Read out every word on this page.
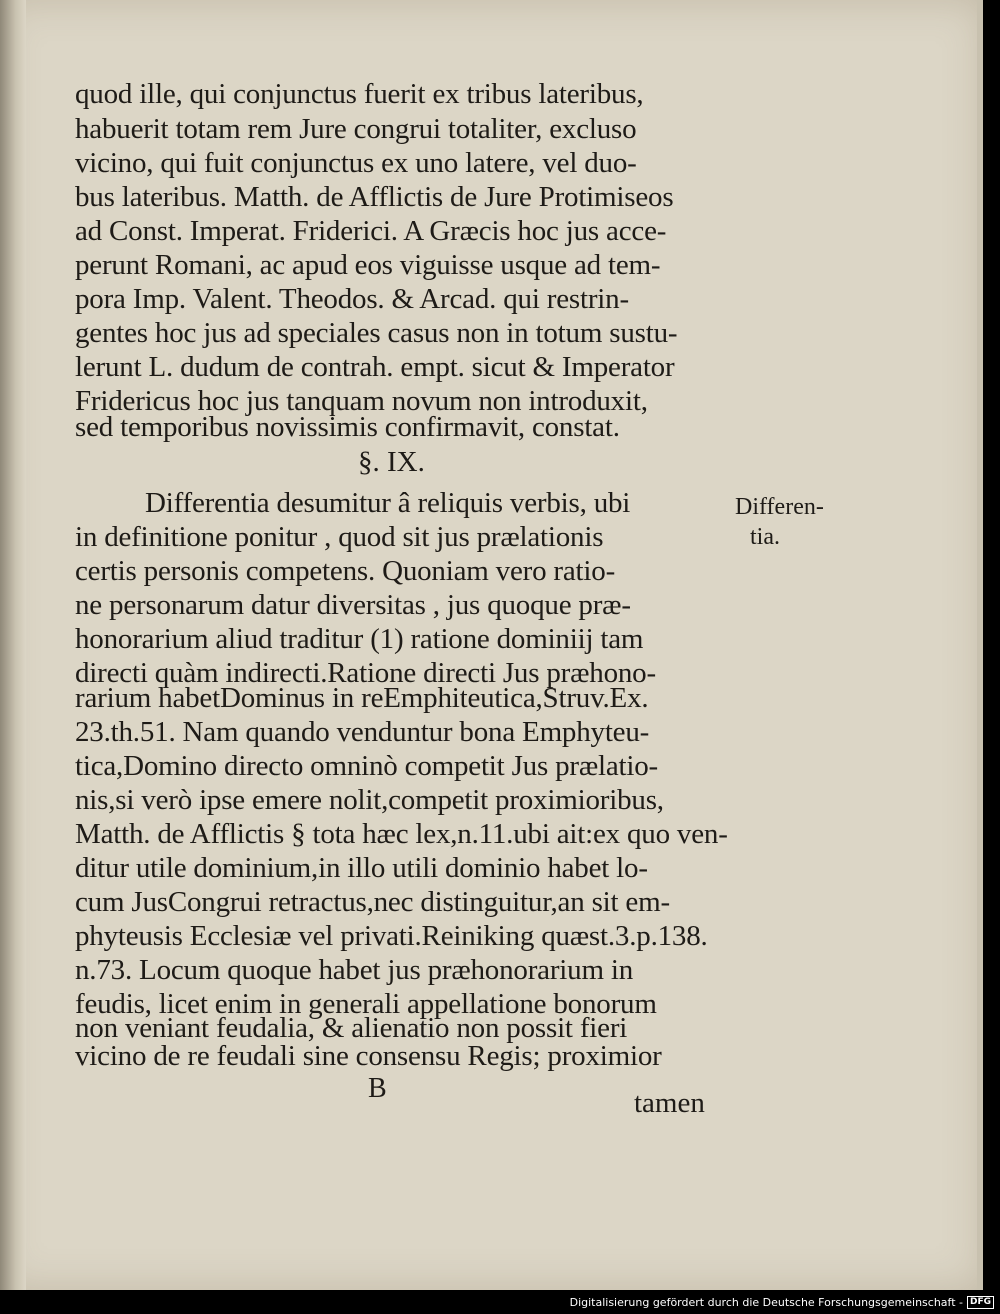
quod ille, qui conjunctus fuerit ex tribus lateribus,
habuerit totam rem Jure congrui totaliter, excluso
vicino, qui fuit conjunctus ex uno latere, vel duo-
bus lateribus. Matth. de Afflictis de Jure Protimiseos
ad Const. Imperat. Friderici. A Græcis hoc jus acce-
perunt Romani, ac apud eos viguisse usque ad tem-
pora Imp. Valent. Theodos. & Arcad. qui restrin-
gentes hoc jus ad speciales casus non in totum sustu-
lerunt L. dudum de contrah. empt. sicut & Imperator
Fridericus hoc jus tanquam novum non introduxit,
sed temporibus novissimis confirmavit, constat.
§. IX.
Differentia desumitur â reliquis verbis, ubi
in definitione ponitur , quod sit jus prælationis
certis personis competens. Quoniam vero ratio-
ne personarum datur diversitas , jus quoque præ-
honorarium aliud traditur (1) ratione dominiij tam
directi quàm indirecti.Ratione directi Jus præhono-
rarium habetDominus in reEmphiteutica,Struv.Ex.
23.th.51. Nam quando venduntur bona Emphyteu-
tica,Domino directo omninò competit Jus prælatio-
nis,si verò ipse emere nolit,competit proximioribus,
Matth. de Afflictis § tota hæc lex,n.11.ubi ait:ex quo ven-
ditur utile dominium,in illo utili dominio habet lo-
cum JusCongrui retractus,nec distinguitur,an sit em-
phyteusis Ecclesiæ vel privati.Reiniking quæst.3.p.138.
n.73. Locum quoque habet jus præhonorarium in
feudis, licet enim in generali appellatione bonorum
non veniant feudalia, & alienatio non possit fieri
vicino de re feudali sine consensu Regis; proximior
Differen-
tia.
B	tamen
Digitalisierung gefördert durch die Deutsche Forschungsgemeinschaft - DFG
